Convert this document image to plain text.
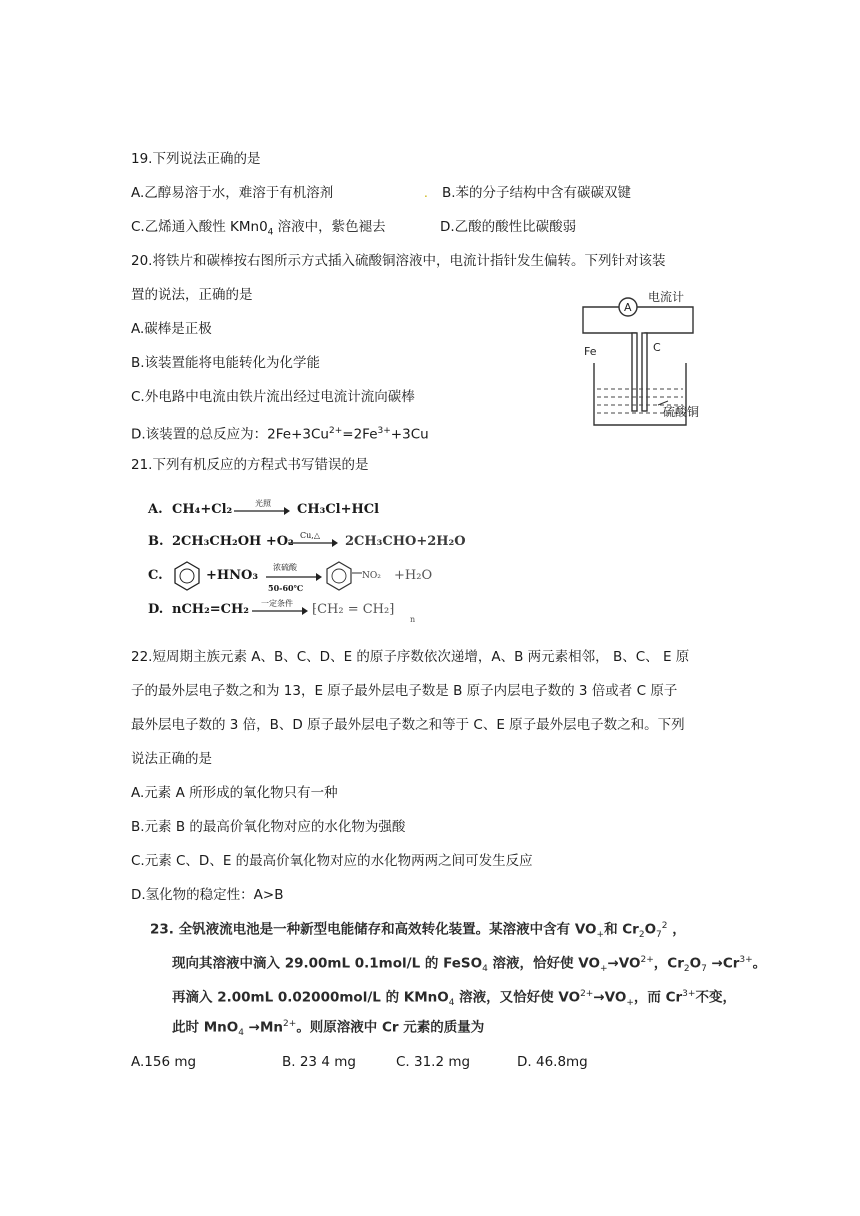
19.下列说法正确的是
A.乙醇易溶于水，难溶于有机溶剂	. B.苯的分子结构中含有碳碳双键
C.乙烯通入酸性 $KMn0_4$ 溶液中，紫色褪去	D.乙酸的酸性比碳酸弱
20.将铁片和碳棒按右图所示方式插入硫酸铜溶液中，电流计指针发生偏转。下列针对该装
置的说法，正确的是
A.碳棒是正极
B.该装置能将电能转化为化学能
C.外电路中电流由铁片流出经过电流计流向碳棒
D.该装置的总反应为：$2Fe+3Cu^{2+}=2Fe^{3+}+3Cu$
A
电流计
Fe	C
硫酸铜
21.下列有机反应的方程式书写错误的是
A. CH₄+Cl₂	光照 CH₃Cl+HCl
B. 2CH₃CH₂OH +O₂ Cu,△ → 2CH₃CHO+2H₂O
C.	+HNO₃
浓硫酸
50-60℃
NO₂ +H₂O
D. nCH₂=CH₂ 一定条件 ⁅CH₂ = CH₂⁆
n
22.短周期主族元素 A、B、C、D、E 的原子序数依次递增，A、B 两元素相邻， B、C、 E 原
子的最外层电子数之和为 13，E 原子最外层电子数是 B 原子内层电子数的 3 倍或者 C 原子
最外层电子数的 3 倍，B、D 原子最外层电子数之和等于 C、E 原子最外层电子数之和。下列
说法正确的是
A.元素 A 所形成的氧化物只有一种
B.元素 B 的最高价氧化物对应的水化物为强酸
C.元素 C、D、E 的最高价氧化物对应的水化物两两之间可发生反应
D.氢化物的稳定性：A>B
23. 全钒液流电池是一种新型电能储存和高效转化装置。某溶液中含有 $VO_+$和 $Cr_2O_7^2$ ，
现向其溶液中滴入 29.00mL 0.1mol/L 的 FeSO$_4$ 溶液，恰好使 $VO_+\to VO^{2+}$，$Cr_2O_7 \to Cr^{3+}$。
再滴入 2.00mL 0.02000mol/L 的 KMnO$_4$ 溶液，又恰好使 $VO^{2+}\to VO_+$，而 $Cr^{3+}$不变，
此时 $MnO_4 \to Mn^{2+}$。则原溶液中 Cr 元素的质量为
A.156 mg	B. 23 4 mg	C. 31.2 mg	D. 46.8mg
